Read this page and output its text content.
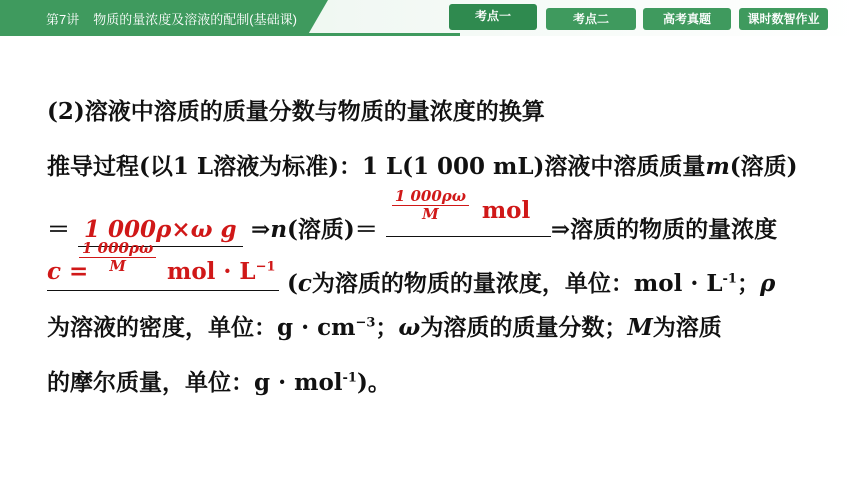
第7讲 物质的量浓度及溶液的配制(基础课)	考点一	考点二	高考真题	课时数智作业
(2)溶液中溶质的质量分数与物质的量浓度的换算
推导过程(以1 L溶液为标准)：1 L(1 000 mL)溶液中溶质质量m(溶质)
＝ 1 000ρ×ω g ⇒n(溶质)＝
$\frac{1 000\rho\omega}{M}$ mol
⇒溶质的物质的量浓度
c =
$\frac{1 000\rho\omega}{M}$ mol · $L^{-1}$
(c为溶质的物质的量浓度，单位：mol · $L^{-1}$；ρ
为溶液的密度，单位：$g \cdot cm^{-3}$；ω为溶质的质量分数；M为溶质
的摩尔质量，单位：g · mol$^{-1}$)。
